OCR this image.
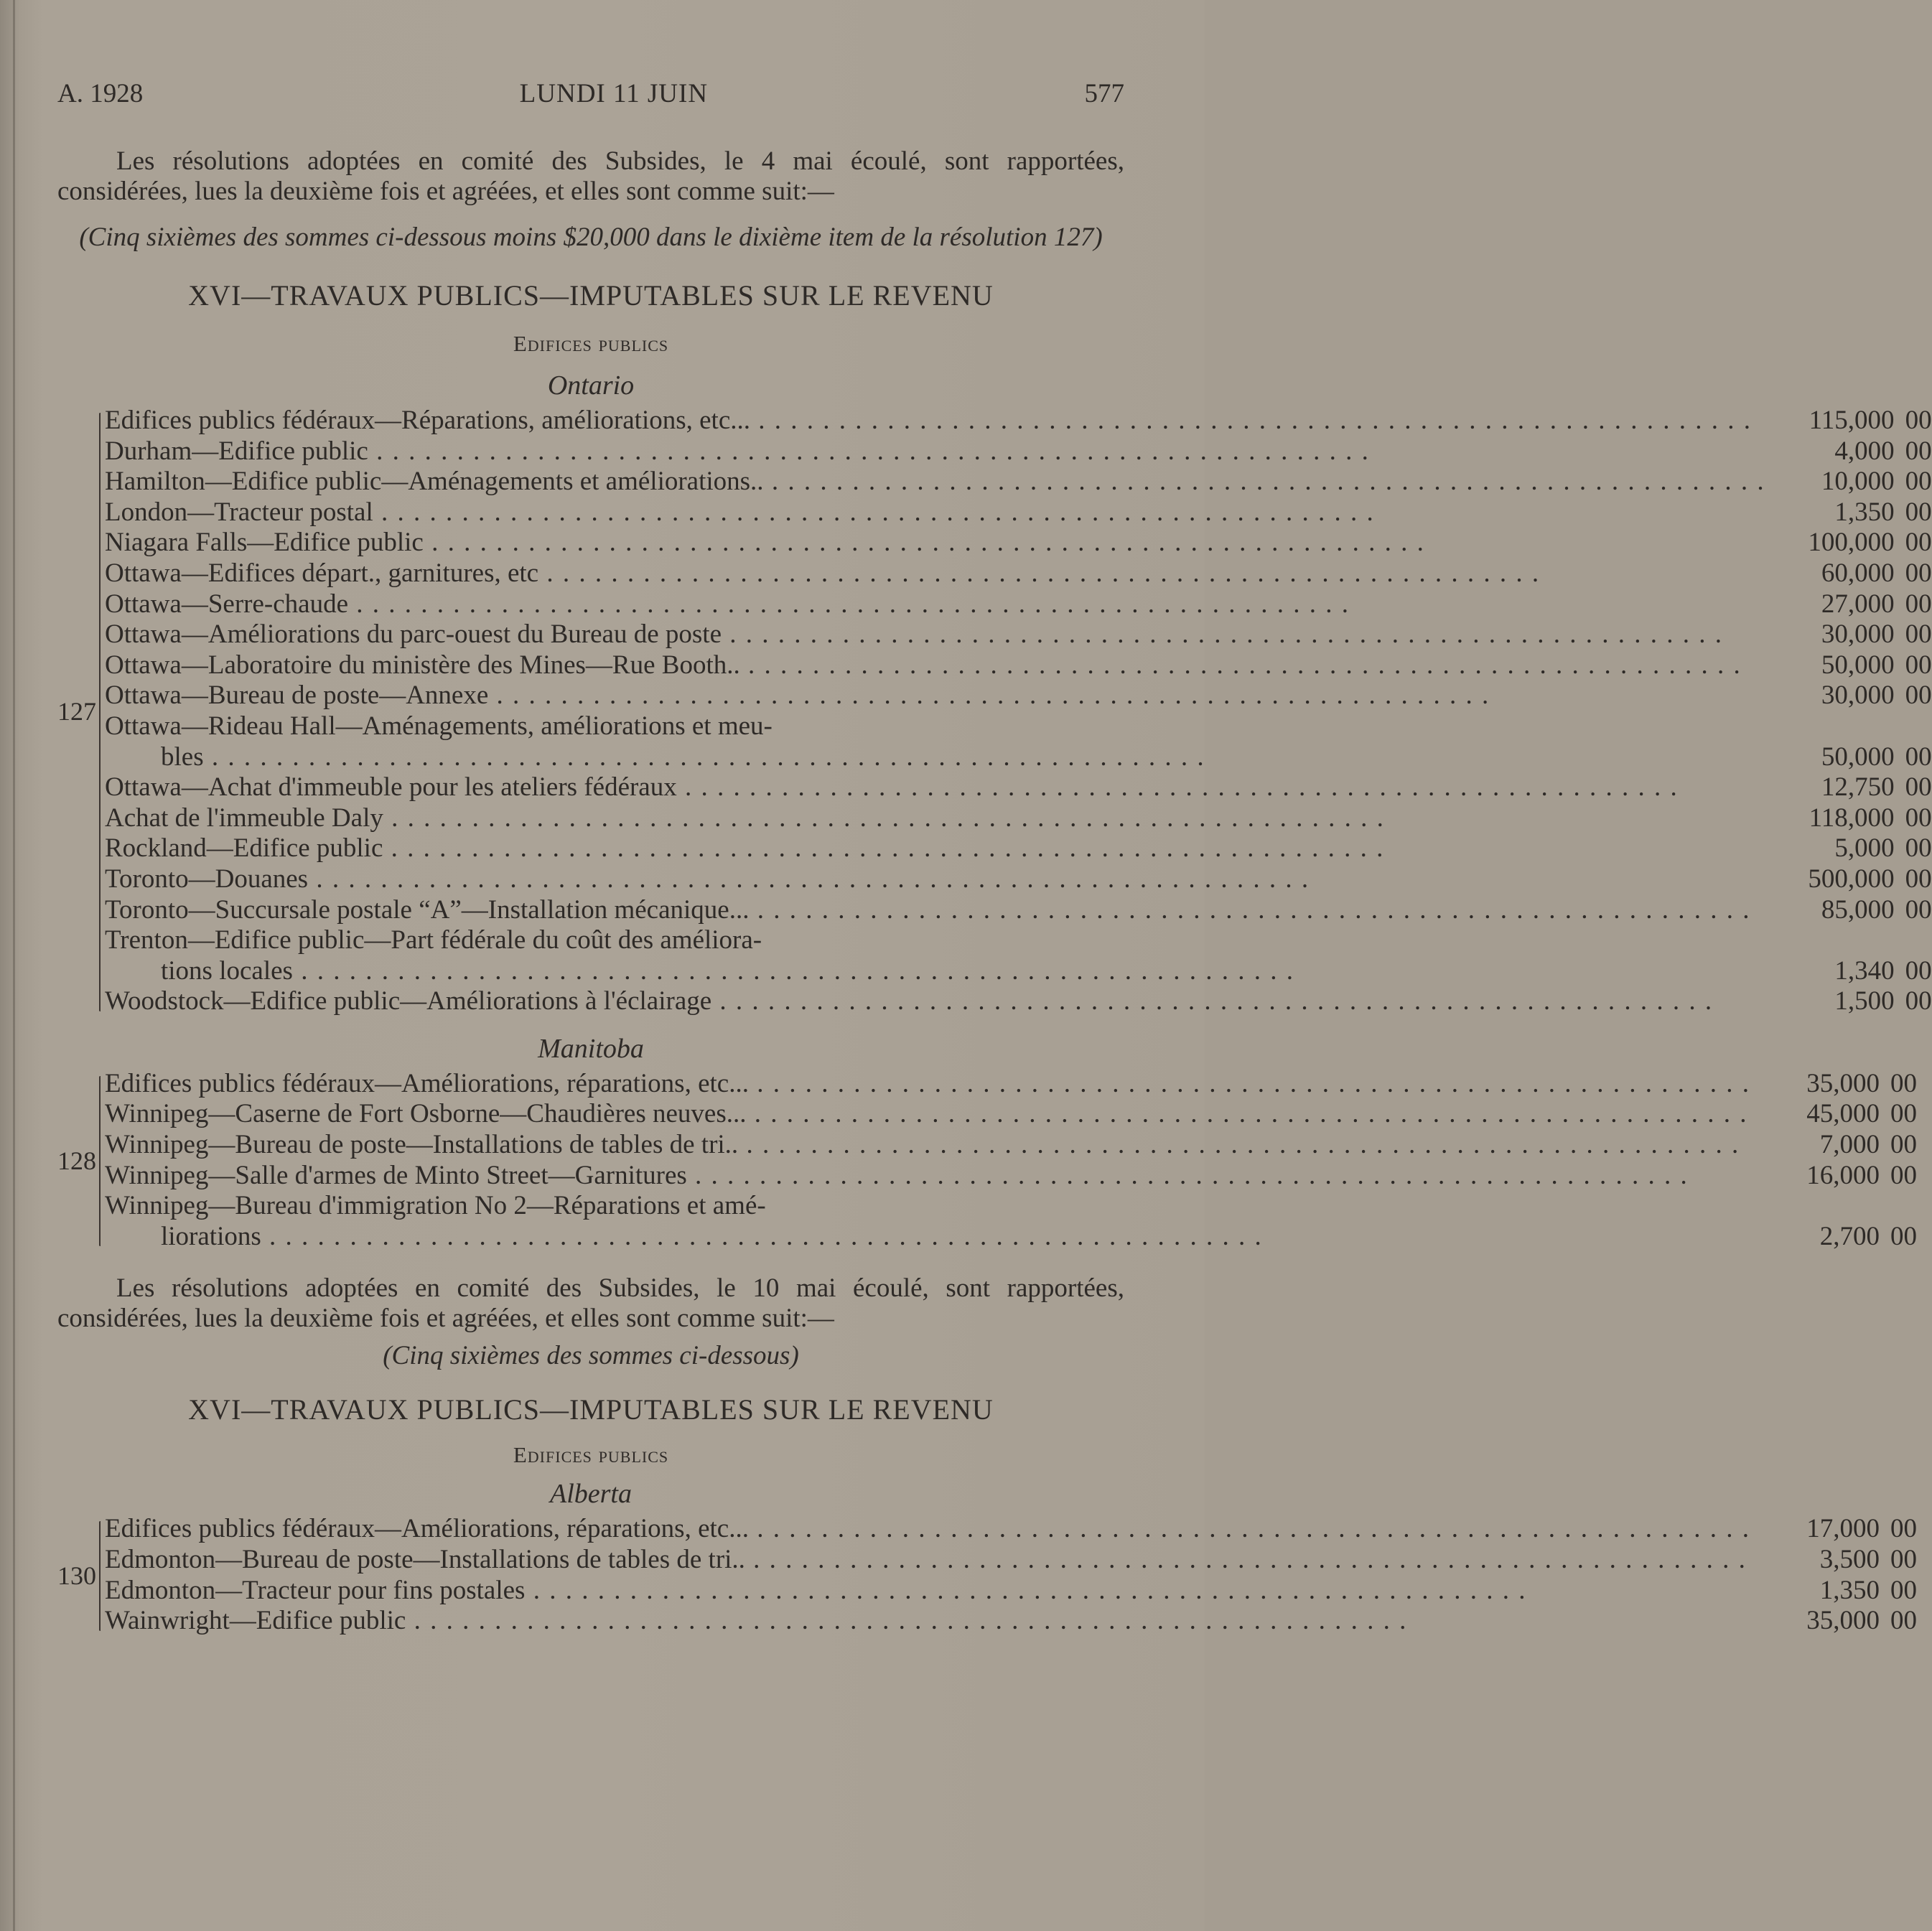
A. 1928	LUNDI 11 JUIN	577
Les résolutions adoptées en comité des Subsides, le 4 mai écoulé, sont rapportées, considérées, lues la deuxième fois et agréées, et elles sont comme suit:—
(Cinq sixièmes des sommes ci-dessous moins $20,000 dans le dixième item de la résolution 127)
XVI—TRAVAUX PUBLICS—IMPUTABLES SUR LE REVENU
Edifices publics
Ontario
127
Edifices publics fédéraux—Réparations, améliorations, etc... . . .	115,000 00
Durham—Edifice public . . .	4,000 00
Hamilton—Edifice public—Aménagements et améliorations.. . . .	10,000 00
London—Tracteur postal . . .	1,350 00
Niagara Falls—Edifice public . . .	100,000 00
Ottawa—Edifices départ., garnitures, etc . . .	60,000 00
Ottawa—Serre-chaude . . .	27,000 00
Ottawa—Améliorations du parc-ouest du Bureau de poste . . .	30,000 00
Ottawa—Laboratoire du ministère des Mines—Rue Booth.. . . .	50,000 00
Ottawa—Bureau de poste—Annexe . . .	30,000 00
Ottawa—Rideau Hall—Aménagements, améliorations et meu-
bles . . .	50,000 00
Ottawa—Achat d'immeuble pour les ateliers fédéraux . . .	12,750 00
Achat de l'immeuble Daly . . .	118,000 00
Rockland—Edifice public . . .	5,000 00
Toronto—Douanes . . .	500,000 00
Toronto—Succursale postale “A”—Installation mécanique... . . .	85,000 00
Trenton—Edifice public—Part fédérale du coût des améliora-
tions locales . . .	1,340 00
Woodstock—Edifice public—Améliorations à l'éclairage . . .	1,500 00
Manitoba
128
Edifices publics fédéraux—Améliorations, réparations, etc... . . .	35,000 00
Winnipeg—Caserne de Fort Osborne—Chaudières neuves... . . .	45,000 00
Winnipeg—Bureau de poste—Installations de tables de tri.. . . .	7,000 00
Winnipeg—Salle d'armes de Minto Street—Garnitures . . .	16,000 00
Winnipeg—Bureau d'immigration No 2—Réparations et amé-
liorations . . .	2,700 00
Les résolutions adoptées en comité des Subsides, le 10 mai écoulé, sont rapportées, considérées, lues la deuxième fois et agréées, et elles sont comme suit:—
(Cinq sixièmes des sommes ci-dessous)
XVI—TRAVAUX PUBLICS—IMPUTABLES SUR LE REVENU
Edifices publics
Alberta
130
Edifices publics fédéraux—Améliorations, réparations, etc... . . .	17,000 00
Edmonton—Bureau de poste—Installations de tables de tri.. . . .	3,500 00
Edmonton—Tracteur pour fins postales . . .	1,350 00
Wainwright—Edifice public . . .	35,000 00
